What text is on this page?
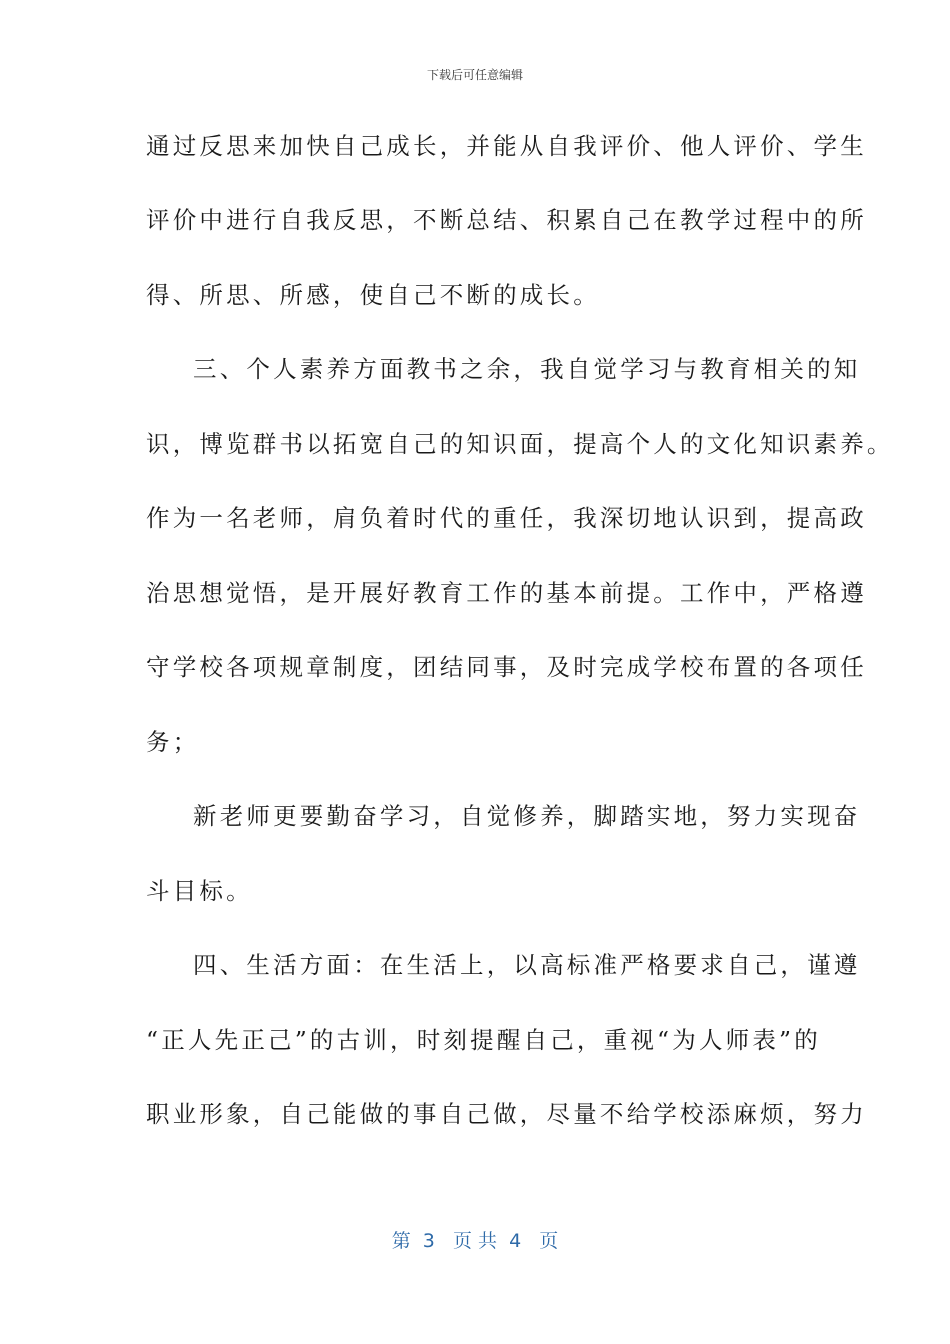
下载后可任意编辑
通过反思来加快自己成长，并能从自我评价、他人评价、学生
评价中进行自我反思，不断总结、积累自己在教学过程中的所
得、所思、所感，使自己不断的成长。
三、个人素养方面教书之余，我自觉学习与教育相关的知
识，博览群书以拓宽自己的知识面，提高个人的文化知识素养。
作为一名老师，肩负着时代的重任，我深切地认识到，提高政
治思想觉悟，是开展好教育工作的基本前提。工作中，严格遵
守学校各项规章制度，团结同事，及时完成学校布置的各项任
务；
新老师更要勤奋学习，自觉修养，脚踏实地，努力实现奋
斗目标。
四、生活方面：在生活上，以高标准严格要求自己，谨遵
“正人先正己”的古训，时刻提醒自己，重视“为人师表”的
职业形象，自己能做的事自己做，尽量不给学校添麻烦，努力
第  3   页 共  4   页
